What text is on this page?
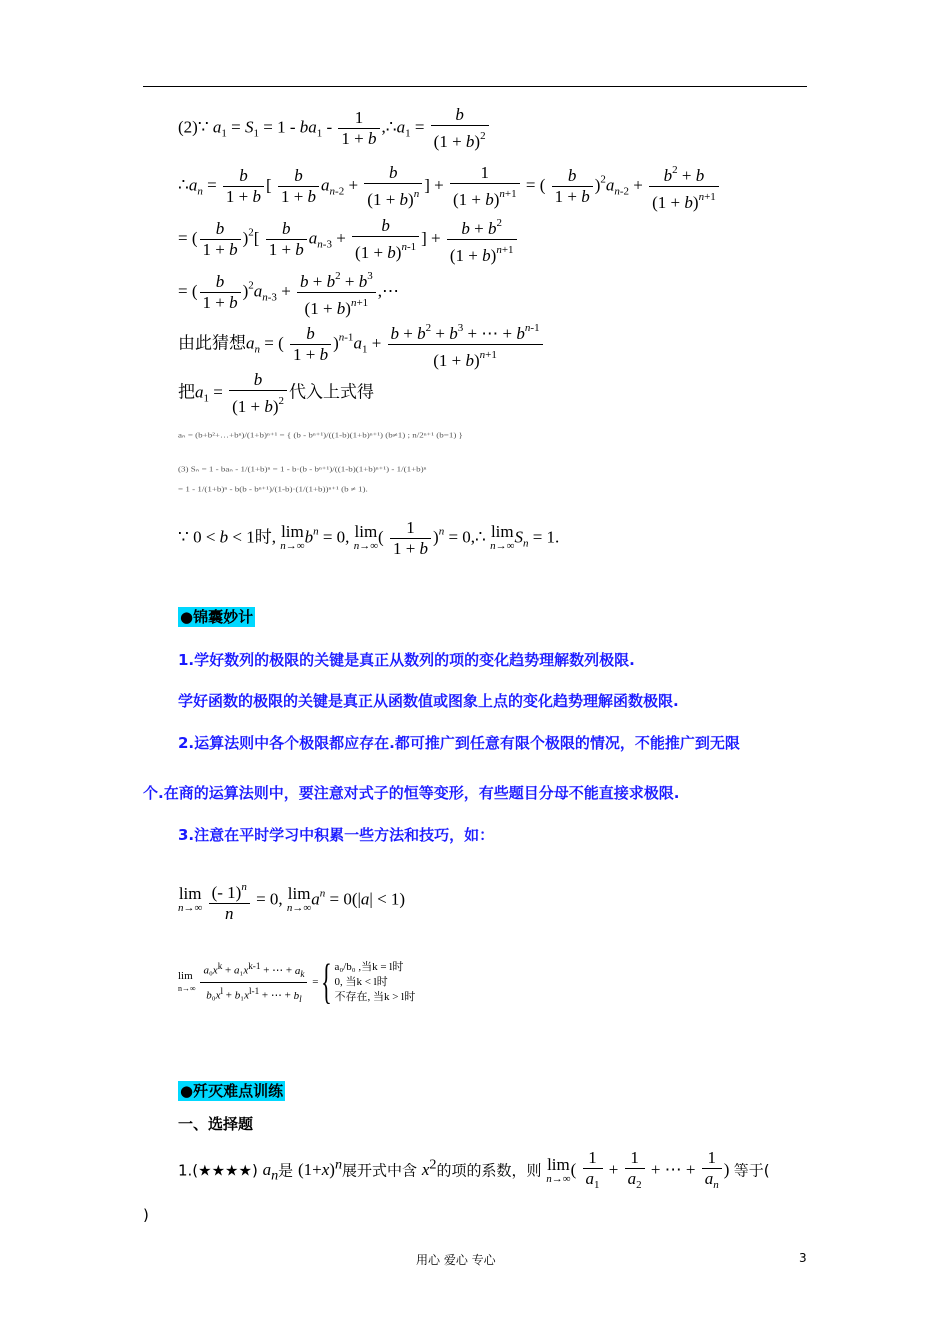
(2)∵ $a_1 = S_1 = 1 - ba_1 - \frac{1}{1 + b}$ $,\therefore a_1 = \frac{b}{(1 + b)^2}$
$\therefore a_n = \frac{b}{1 + b}$ [ $\frac{b}{1 + b} a_{n-2} + \frac{b}{(1 + b)^n}$ ] + $\frac{1}{(1 + b)^{n+1}}$ = ( $\frac{b}{1 + b} )^2a_{n-2} + \frac{b^2 + b}{(1 + b)^{n+1}}$
= ( $\frac{b}{1 + b} )^2[ \frac{b}{1 + b} a_{n-3} + \frac{b}{(1 + b)^{n-1}}$ ] + $\frac{b + b^2}{(1 + b)^{n+1}}$
= ( $\frac{b}{1 + b} )^2a_{n-3} + \frac{b + b^2 + b^3}{(1 + b)^{n+1}}$ ,⋯
由此猜想$a_n$ = ( $\frac{b}{1 + b} )^{n-1}a_1 + \frac{b + b^2 + b^3 + \cdots + b^{n-1}}{(1 + b)^{n+1}}$
把$a_1 = \frac{b}{(1 + b)^2}$ 代入上式得
aₙ = (b+b²+…+bⁿ)/(1+b)ⁿ⁺¹ = { (b - bⁿ⁺¹)/((1-b)(1+b)ⁿ⁺¹) (b≠1) ; n/2ⁿ⁺¹ (b=1) }
(3) Sₙ = 1 - baₙ - 1/(1+b)ⁿ = 1 - b·(b - bⁿ⁺¹)/((1-b)(1+b)ⁿ⁺¹) - 1/(1+b)ⁿ
= 1 - 1/(1+b)ⁿ - b(b - bⁿ⁺¹)/(1-b)·(1/(1+b))ⁿ⁺¹ (b ≠ 1).
∵ 0 < b < 1时, lim
n→∞ $b^n = 0$, lim
n→∞ ( $\frac{1}{1 + b} )^n$ = 0,∴ lim
n→∞ $S_n = 1$.
●锦囊妙计
1.学好数列的极限的关键是真正从数列的项的变化趋势理解数列极限.
学好函数的极限的关键是真正从函数值或图象上点的变化趋势理解函数极限.
2.运算法则中各个极限都应存在.都可推广到任意有限个极限的情况，不能推广到无限
个.在商的运算法则中，要注意对式子的恒等变形，有些题目分母不能直接求极限.
3.注意在平时学习中积累一些方法和技巧，如：
lim
n→∞
$\frac{(- 1)^n}{n} = 0$, lim
n→∞ $a^n = 0(|a| < 1)$
lim
$n\to\infty \frac{a_0x^k + a_1x^{k-1} + \cdots + a_k}{b_0x^l + b_1x^{l-1} + \cdots + b_l}$ = { a₀/b₀ ,当k = l时
0, 当k < l时
不存在, 当k > l时
●歼灭难点训练
一、选择题
1.(★★★★) $a_n$是 $(1+x)^n$展开式中含 $x^2$的项的系数，则 lim
n→∞ ( $\frac{1}{a_1} + \frac{1}{a_2}$ + ⋯ + $\frac{1}{a_n}$ ) 等于(
)
用心 爱心 专心	3
